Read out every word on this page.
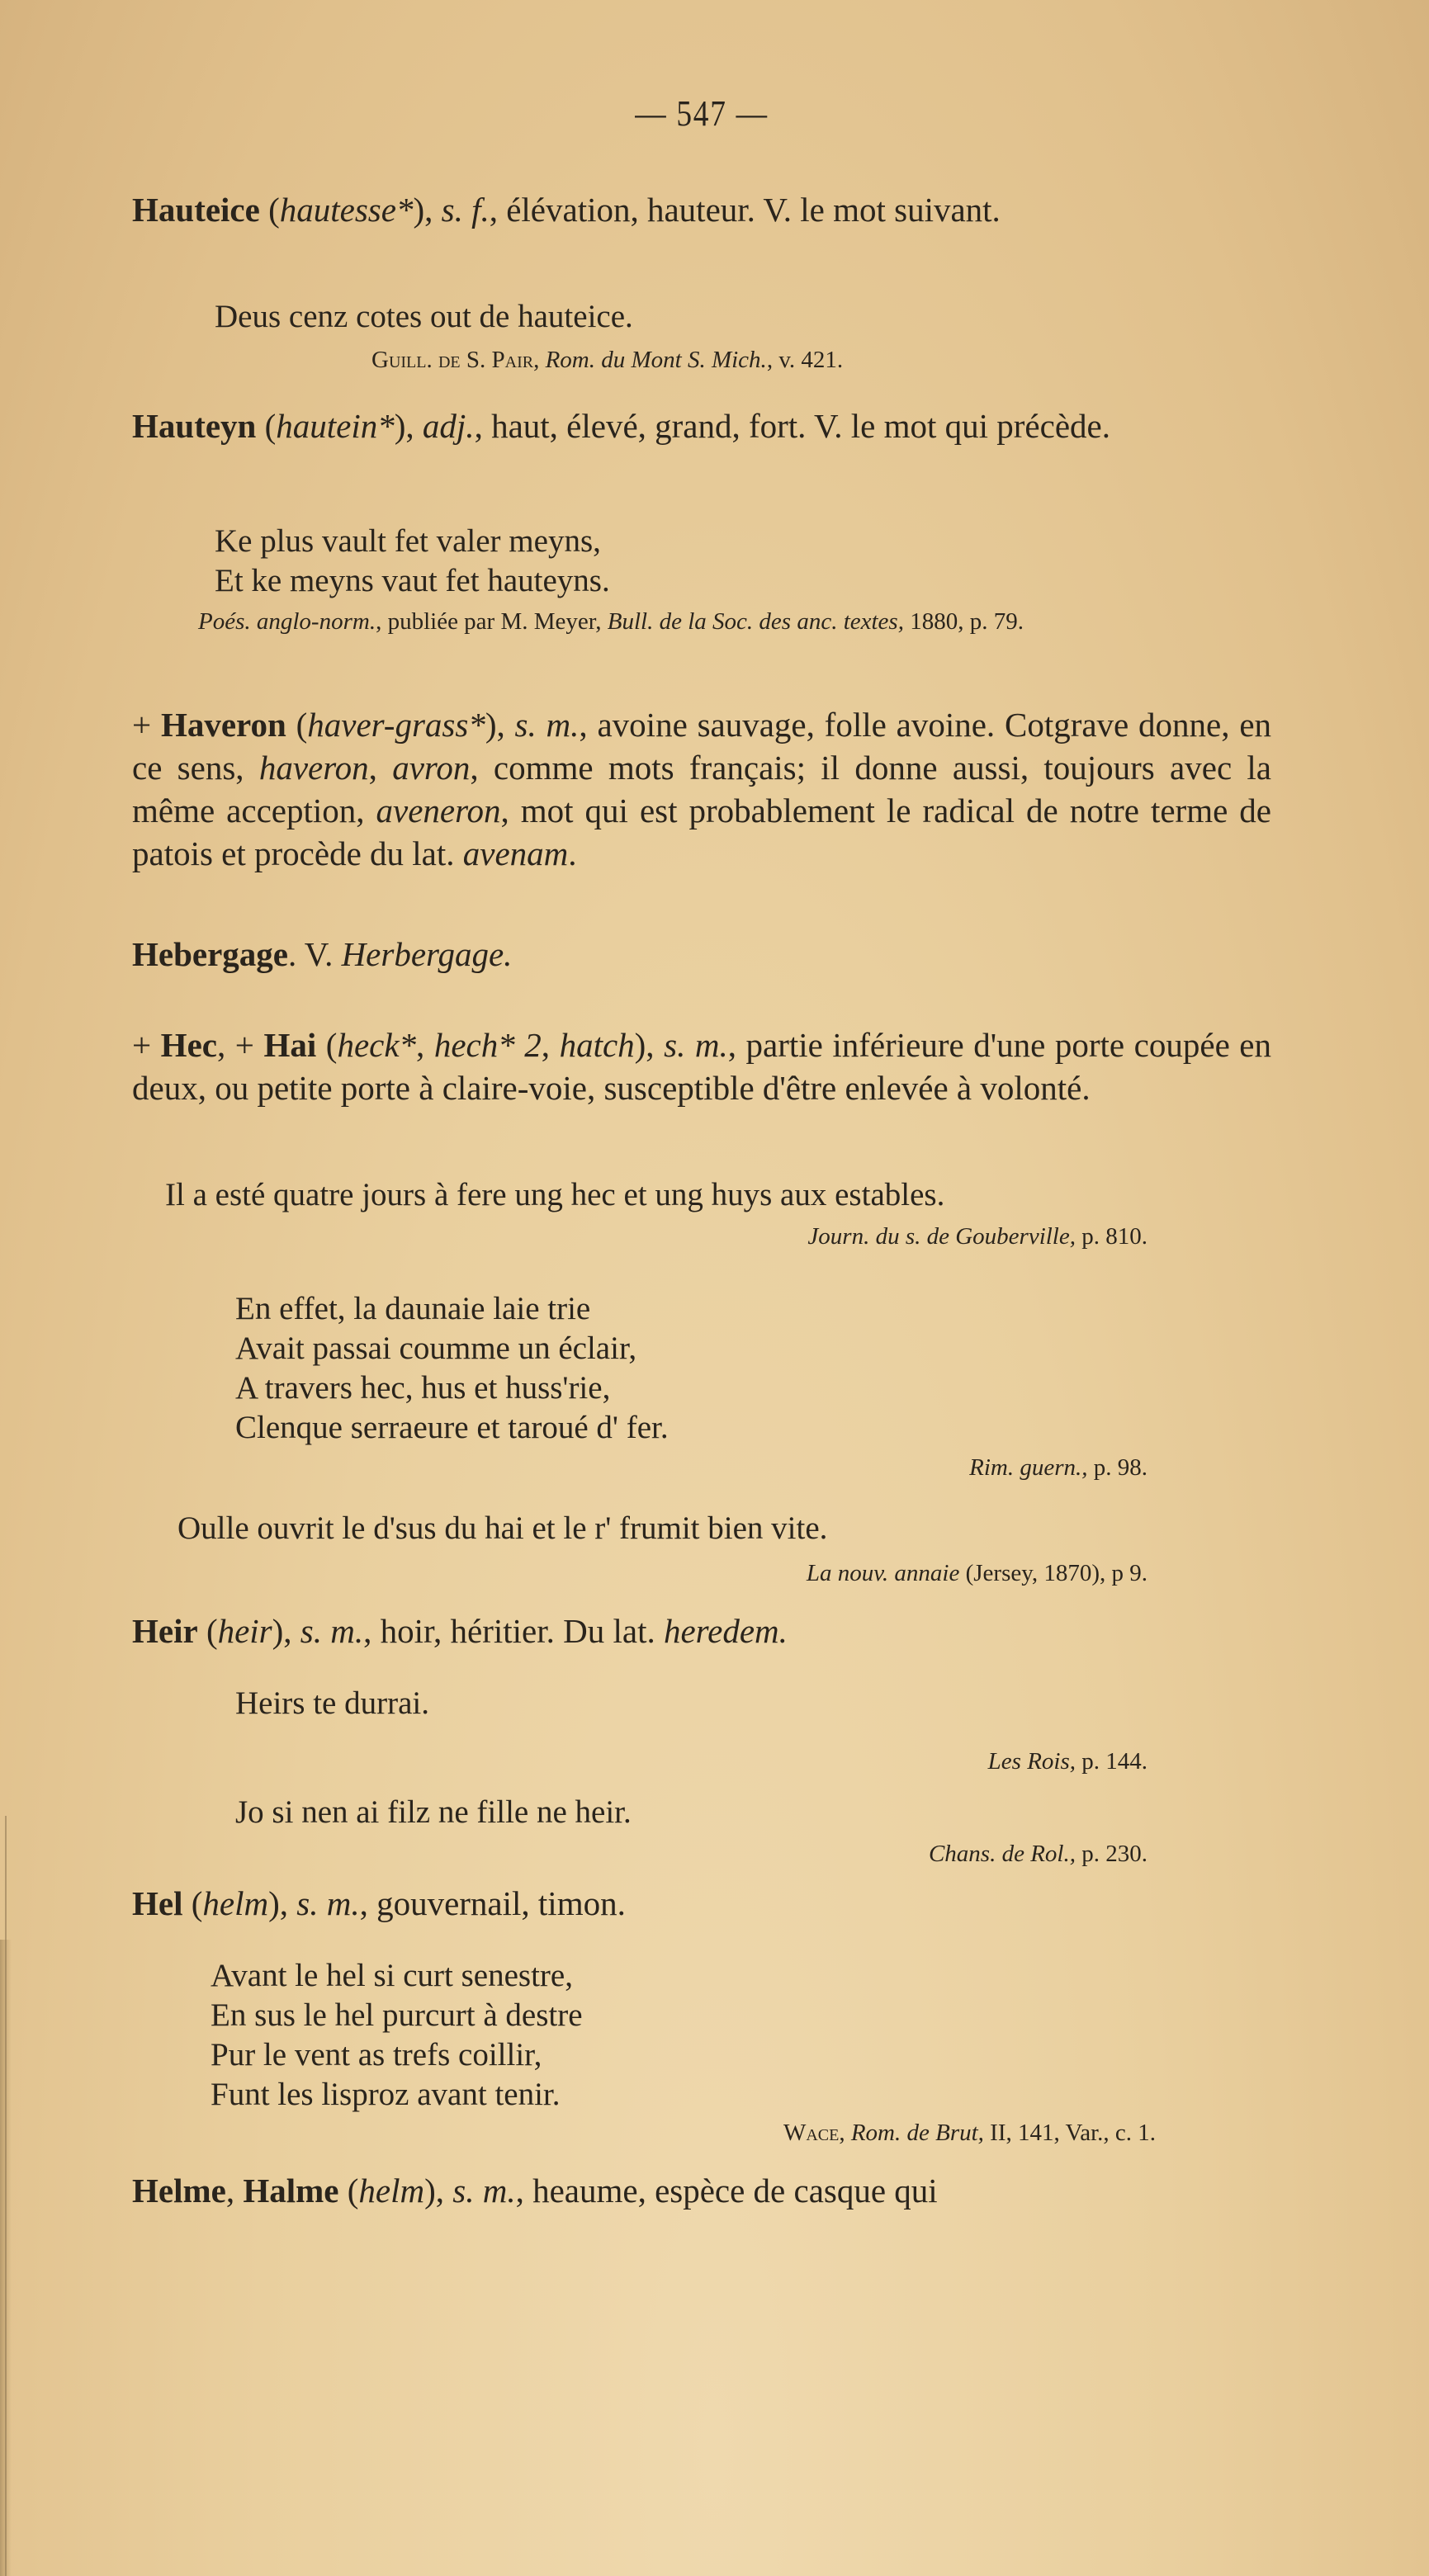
— 547 —
Hauteice (hautesse*), s. f., élévation, hauteur. V. le mot suivant.
Deus cenz cotes out de hauteice.
Guill. de S. Pair, Rom. du Mont S. Mich., v. 421.
Hauteyn (hautein*), adj., haut, élevé, grand, fort. V. le mot qui précède.
Ke plus vault fet valer meyns,
Et ke meyns vaut fet hauteyns.
Poés. anglo-norm., publiée par M. Meyer, Bull. de la Soc. des anc. textes, 1880, p. 79.
+ Haveron (haver-grass*), s. m., avoine sauvage, folle avoine. Cotgrave donne, en ce sens, haveron, avron, comme mots français; il donne aussi, toujours avec la même acception, aveneron, mot qui est probablement le radical de notre terme de patois et procède du lat. avenam.
Hebergage. V. Herbergage.
+ Hec, + Hai (heck*, hech* 2, hatch), s. m., partie inférieure d'une porte coupée en deux, ou petite porte à claire-voie, susceptible d'être enlevée à volonté.
Il a esté quatre jours à fere ung hec et ung huys aux estables.
Journ. du s. de Gouberville, p. 810.
En effet, la daunaie laie trie
Avait passai coumme un éclair,
A travers hec, hus et huss'rie,
Clenque serraeure et taroué d' fer.
Rim. guern., p. 98.
Oulle ouvrit le d'sus du hai et le r' frumit bien vite.
La nouv. annaie (Jersey, 1870), p 9.
Heir (heir), s. m., hoir, héritier. Du lat. heredem.
Heirs te durrai.
Les Rois, p. 144.
Jo si nen ai filz ne fille ne heir.
Chans. de Rol., p. 230.
Hel (helm), s. m., gouvernail, timon.
Avant le hel si curt senestre,
En sus le hel purcurt à destre
Pur le vent as trefs coillir,
Funt les lisproz avant tenir.
Wace, Rom. de Brut, II, 141, Var., c. 1.
Helme, Halme (helm), s. m., heaume, espèce de casque qui
